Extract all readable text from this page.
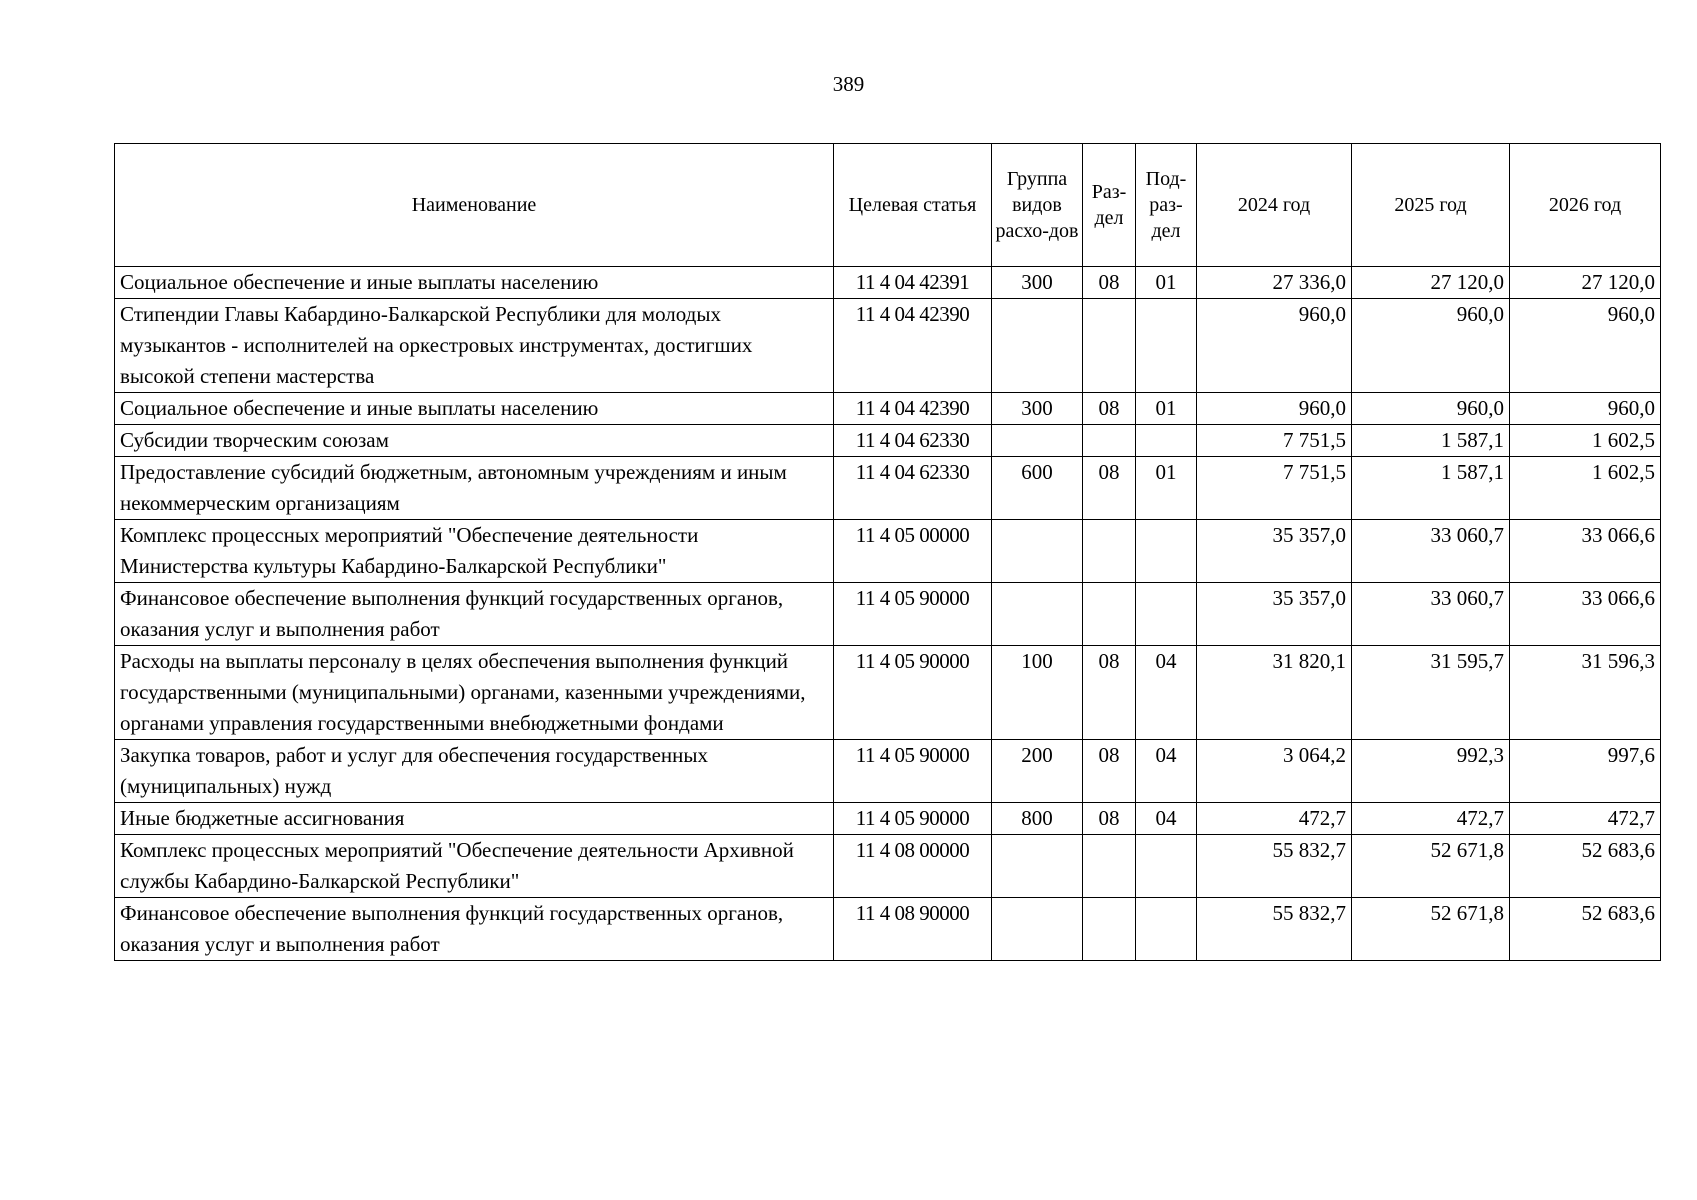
389
Наименование	Целевая статья	Группа видов расхо-дов	Раз-дел	Под-раз-дел	2024 год	2025 год	2026 год
Социальное обеспечение и иные выплаты населению	11 4 04 42391	300	08	01	27 336,0	27 120,0	27 120,0
Стипендии Главы Кабардино-Балкарской Республики для молодых музыкантов - исполнителей на оркестровых инструментах, достигших высокой степени мастерства	11 4 04 42390				960,0	960,0	960,0
Социальное обеспечение и иные выплаты населению	11 4 04 42390	300	08	01	960,0	960,0	960,0
Субсидии творческим союзам	11 4 04 62330				7 751,5	1 587,1	1 602,5
Предоставление субсидий бюджетным, автономным учреждениям и иным некоммерческим организациям	11 4 04 62330	600	08	01	7 751,5	1 587,1	1 602,5
Комплекс процессных мероприятий "Обеспечение деятельности Министерства культуры Кабардино-Балкарской Республики"	11 4 05 00000				35 357,0	33 060,7	33 066,6
Финансовое обеспечение выполнения функций государственных органов, оказания услуг и выполнения работ	11 4 05 90000				35 357,0	33 060,7	33 066,6
Расходы на выплаты персоналу в целях обеспечения выполнения функций государственными (муниципальными) органами, казенными учреждениями, органами управления государственными внебюджетными фондами	11 4 05 90000	100	08	04	31 820,1	31 595,7	31 596,3
Закупка товаров, работ и услуг для обеспечения государственных (муниципальных) нужд	11 4 05 90000	200	08	04	3 064,2	992,3	997,6
Иные бюджетные ассигнования	11 4 05 90000	800	08	04	472,7	472,7	472,7
Комплекс процессных мероприятий "Обеспечение деятельности Архивной службы Кабардино-Балкарской Республики"	11 4 08 00000				55 832,7	52 671,8	52 683,6
Финансовое обеспечение выполнения функций государственных органов, оказания услуг и выполнения работ	11 4 08 90000				55 832,7	52 671,8	52 683,6
